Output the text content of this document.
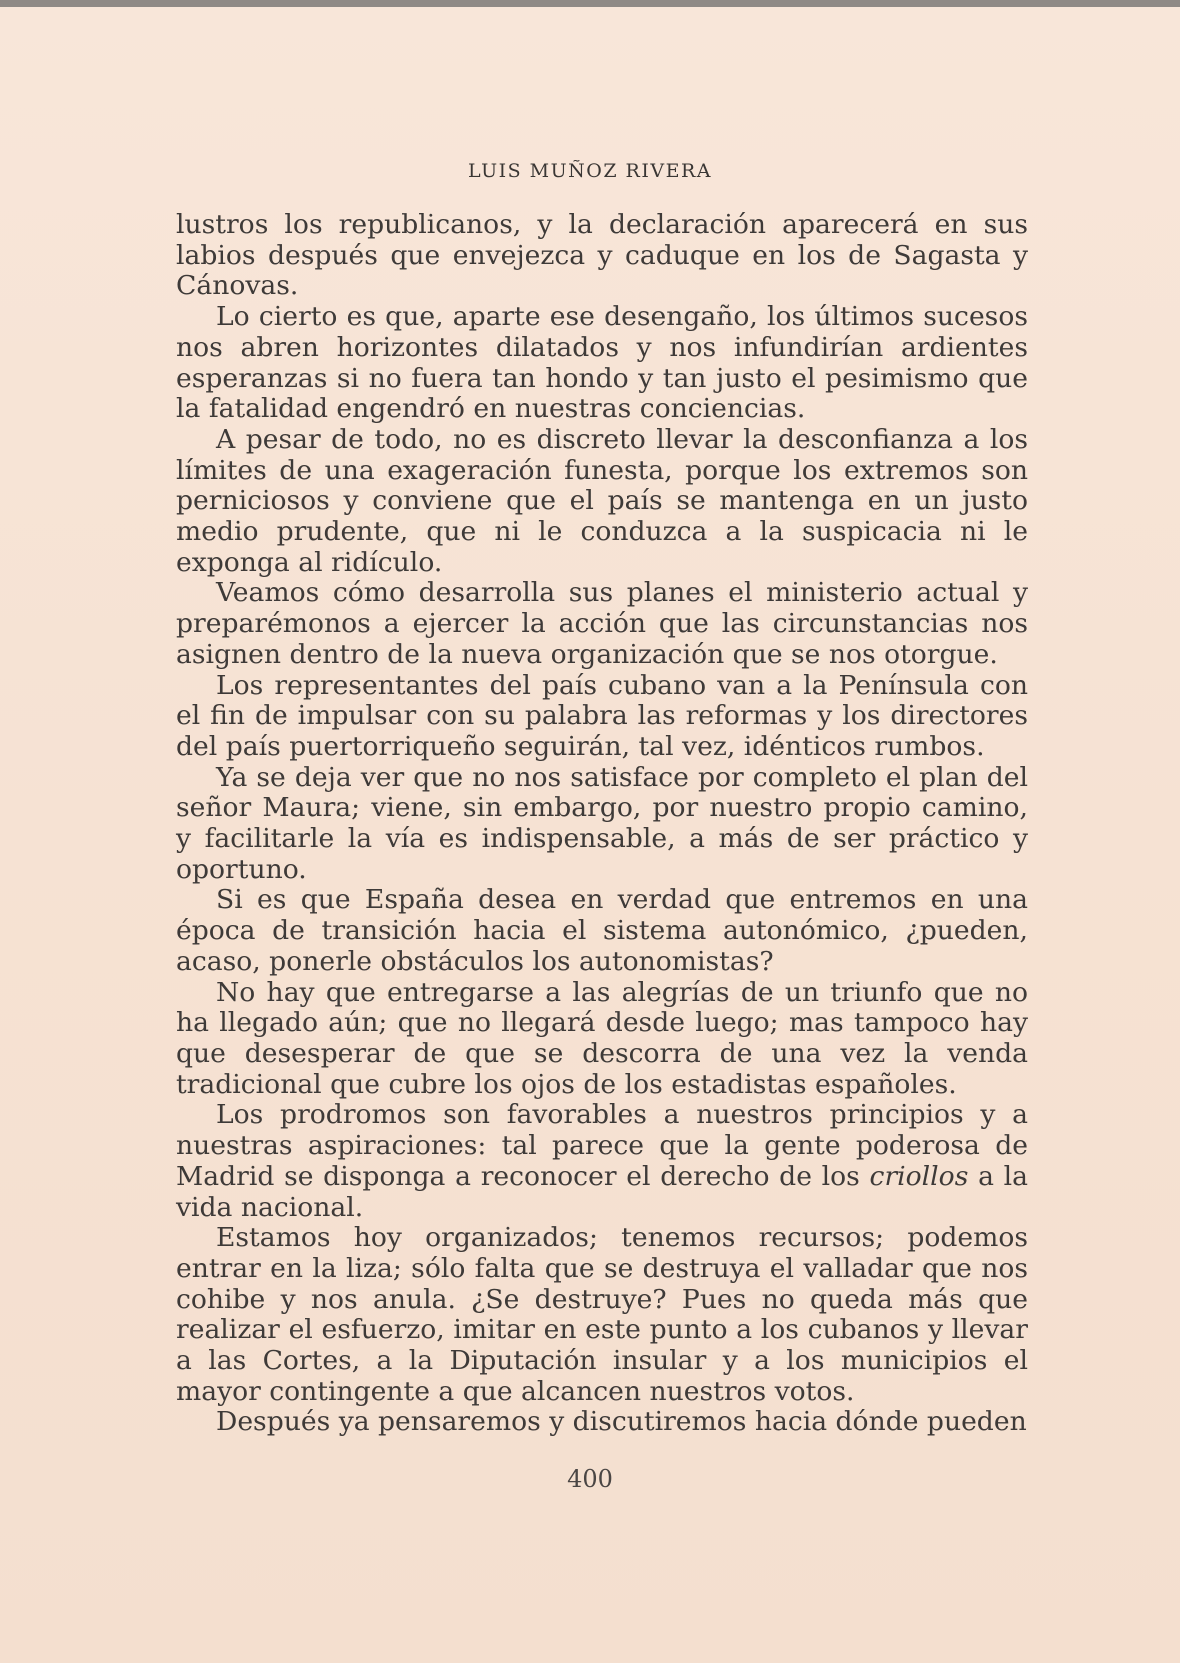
LUIS MUÑOZ RIVERA

lustros los republicanos, y la declaración aparecerá en sus labios después que envejezca y caduque en los de Sagasta y Cánovas.

Lo cierto es que, aparte ese desengaño, los últimos sucesos nos abren horizontes dilatados y nos infundirían ardientes esperanzas si no fuera tan hondo y tan justo el pesimismo que la fatalidad engendró en nuestras conciencias.

A pesar de todo, no es discreto llevar la desconfianza a los límites de una exageración funesta, porque los extremos son perniciosos y conviene que el país se mantenga en un justo medio prudente, que ni le conduzca a la suspicacia ni le exponga al ridículo.

Veamos cómo desarrolla sus planes el ministerio actual y preparémonos a ejercer la acción que las circunstancias nos asignen dentro de la nueva organización que se nos otorgue.

Los representantes del país cubano van a la Península con el fin de impulsar con su palabra las reformas y los directores del país puertorriqueño seguirán, tal vez, idénticos rumbos.

Ya se deja ver que no nos satisface por completo el plan del señor Maura; viene, sin embargo, por nuestro propio camino, y facilitarle la vía es indispensable, a más de ser práctico y oportuno.

Si es que España desea en verdad que entremos en una época de transición hacia el sistema autonómico, ¿pueden, acaso, ponerle obstáculos los autonomistas?

No hay que entregarse a las alegrías de un triunfo que no ha llegado aún; que no llegará desde luego; mas tampoco hay que desesperar de que se descorra de una vez la venda tradicional que cubre los ojos de los estadistas españoles.

Los prodromos son favorables a nuestros principios y a nuestras aspiraciones: tal parece que la gente poderosa de Madrid se disponga a reconocer el derecho de los criollos a la vida nacional.

Estamos hoy organizados; tenemos recursos; podemos entrar en la liza; sólo falta que se destruya el valladar que nos cohibe y nos anula. ¿Se destruye? Pues no queda más que realizar el esfuerzo, imitar en este punto a los cubanos y llevar a las Cortes, a la Diputación insular y a los municipios el mayor contingente a que alcancen nuestros votos.

Después ya pensaremos y discutiremos hacia dónde pueden

400
